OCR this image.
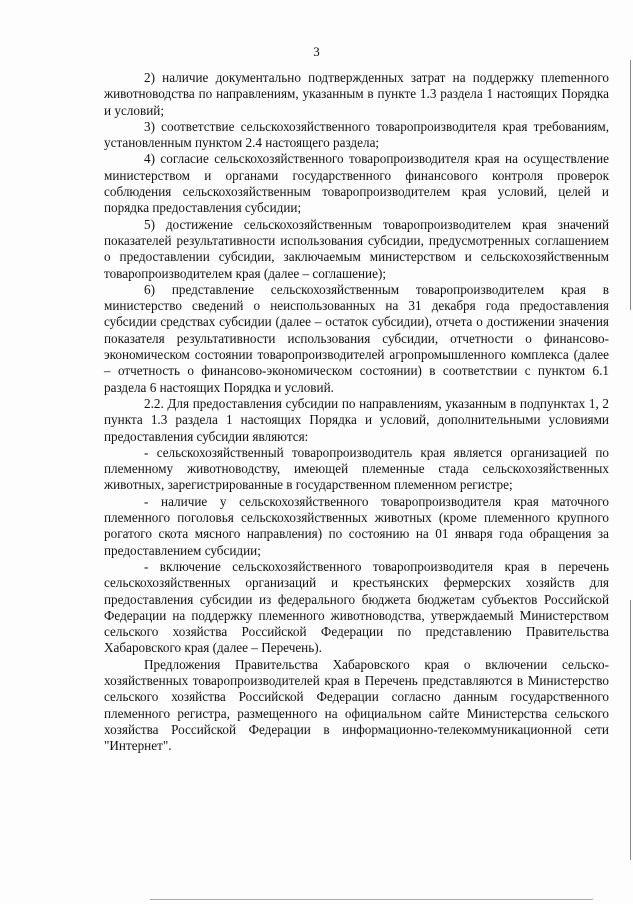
3

2) наличие документально подтвержденных затрат на поддержку плеmенного животноводства по направлениям, указанным в пункте 1.3 раздела 1 настоящих Порядка и условий;

3) соответствие сельскохозяйственного товаропроизводителя края требованиям, установленным пунктом 2.4 настоящего раздела;

4) согласие сельскохозяйственного товаропроизводителя края на осуществление министерством и органами государственного финансового контроля проверок соблюдения сельскохозяйственным товаропроизводителем края условий, целей и порядка предоставления субсидии;

5) достижение сельскохозяйственным товаропроизводителем края значений показателей результативности использования субсидии, предусмотренных соглашением о предоставлении субсидии, заключаемым министерством и сельскохозяйственным товаропроизводителем края (далее – соглашение);

6) представление сельскохозяйственным товаропроизводителем края в министерство сведений о неиспользованных на 31 декабря года предоставления субсидии средствах субсидии (далее – остаток субсидии), отчета о достижении значения показателя результативности использования субсидии, отчетности о финансово-экономическом состоянии товаропроизводителей агропромышленного комплекса (далее – отчетность о финансово-экономическом состоянии) в соответствии с пунктом 6.1 раздела 6 настоящих Порядка и условий.

2.2. Для предоставления субсидии по направлениям, указанным в подпунктах 1, 2 пункта 1.3 раздела 1 настоящих Порядка и условий, дополнительными условиями предоставления субсидии являются:

- сельскохозяйственный товаропроизводитель края является организацией по племенному животноводству, имеющей племенные стада сельскохозяйственных животных, зарегистрированные в государственном племенном регистре;

- наличие у сельскохозяйственного товаропроизводителя края маточного племенного поголовья сельскохозяйственных животных (кроме племенного крупного рогатого скота мясного направления) по состоянию на 01 января года обращения за предоставлением субсидии;

- включение сельскохозяйственного товаропроизводителя края в перечень сельскохозяйственных организаций и крестьянских фермерских хозяйств для предоставления субсидии из федерального бюджета бюджетам субъектов Российской Федерации на поддержку племенного животноводства, утверждаемый Министерством сельского хозяйства Российской Федерации по представлению Правительства Хабаровского края (далее – Перечень).

Предложения Правительства Хабаровского края о включении сельскохозяйственных товаропроизводителей края в Перечень представляются в Министерство сельского хозяйства Российской Федерации согласно данным государственного племенного регистра, размещенного на официальном сайте Министерства сельского хозяйства Российской Федерации в информационно-телекоммуникационной сети "Интернет".
